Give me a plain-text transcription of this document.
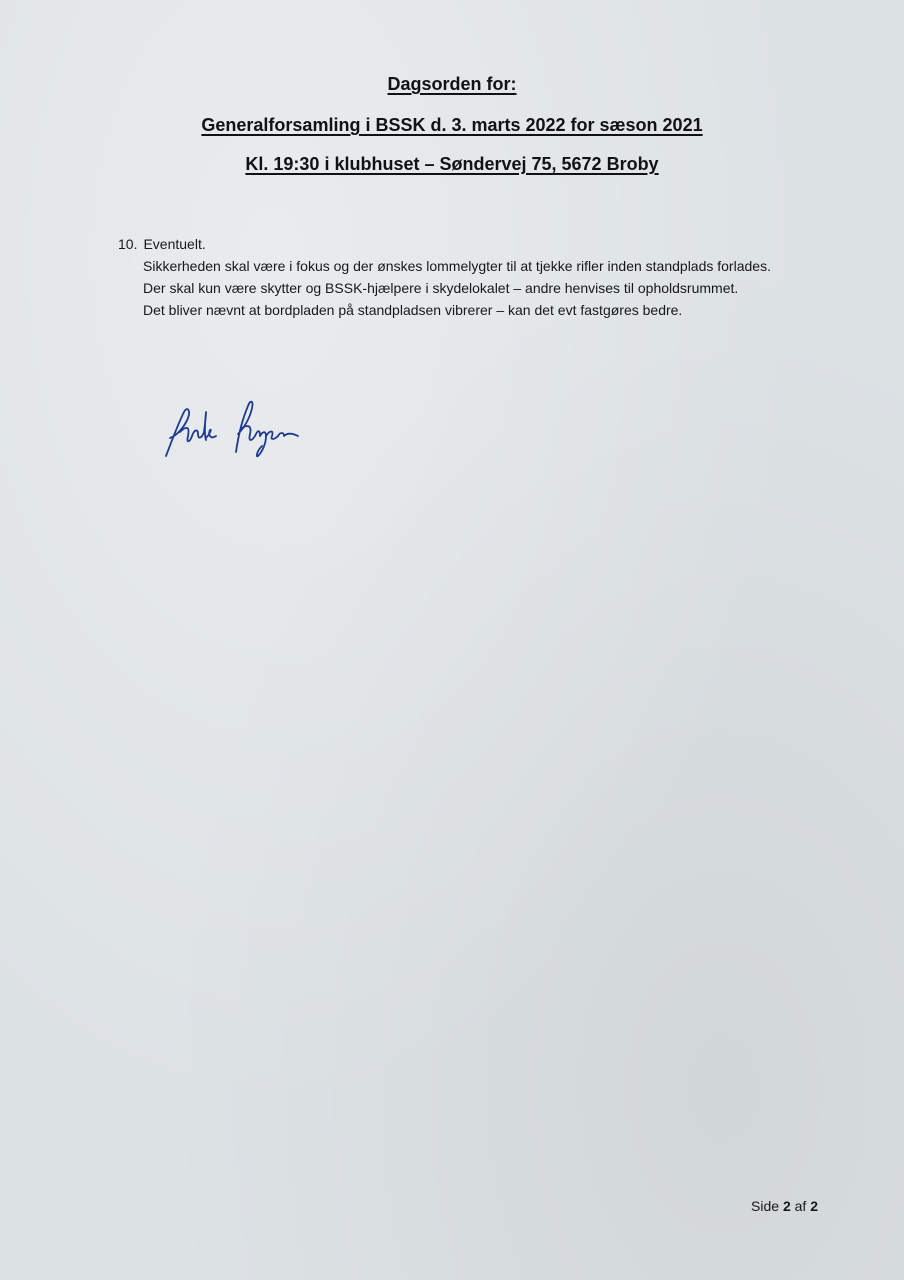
Dagsorden for:
Generalforsamling i BSSK d. 3. marts 2022 for sæson 2021
Kl. 19:30 i klubhuset – Søndervej 75, 5672 Broby
10. Eventuelt.

Sikkerheden skal være i fokus og der ønskes lommelygter til at tjekke rifler inden standplads forlades.

Der skal kun være skytter og BSSK-hjælpere i skydelokalet – andre henvises til opholdsrummet.

Det bliver nævnt at bordpladen på standpladsen vibrerer – kan det evt fastgøres bedre.

Side 2 af 2
